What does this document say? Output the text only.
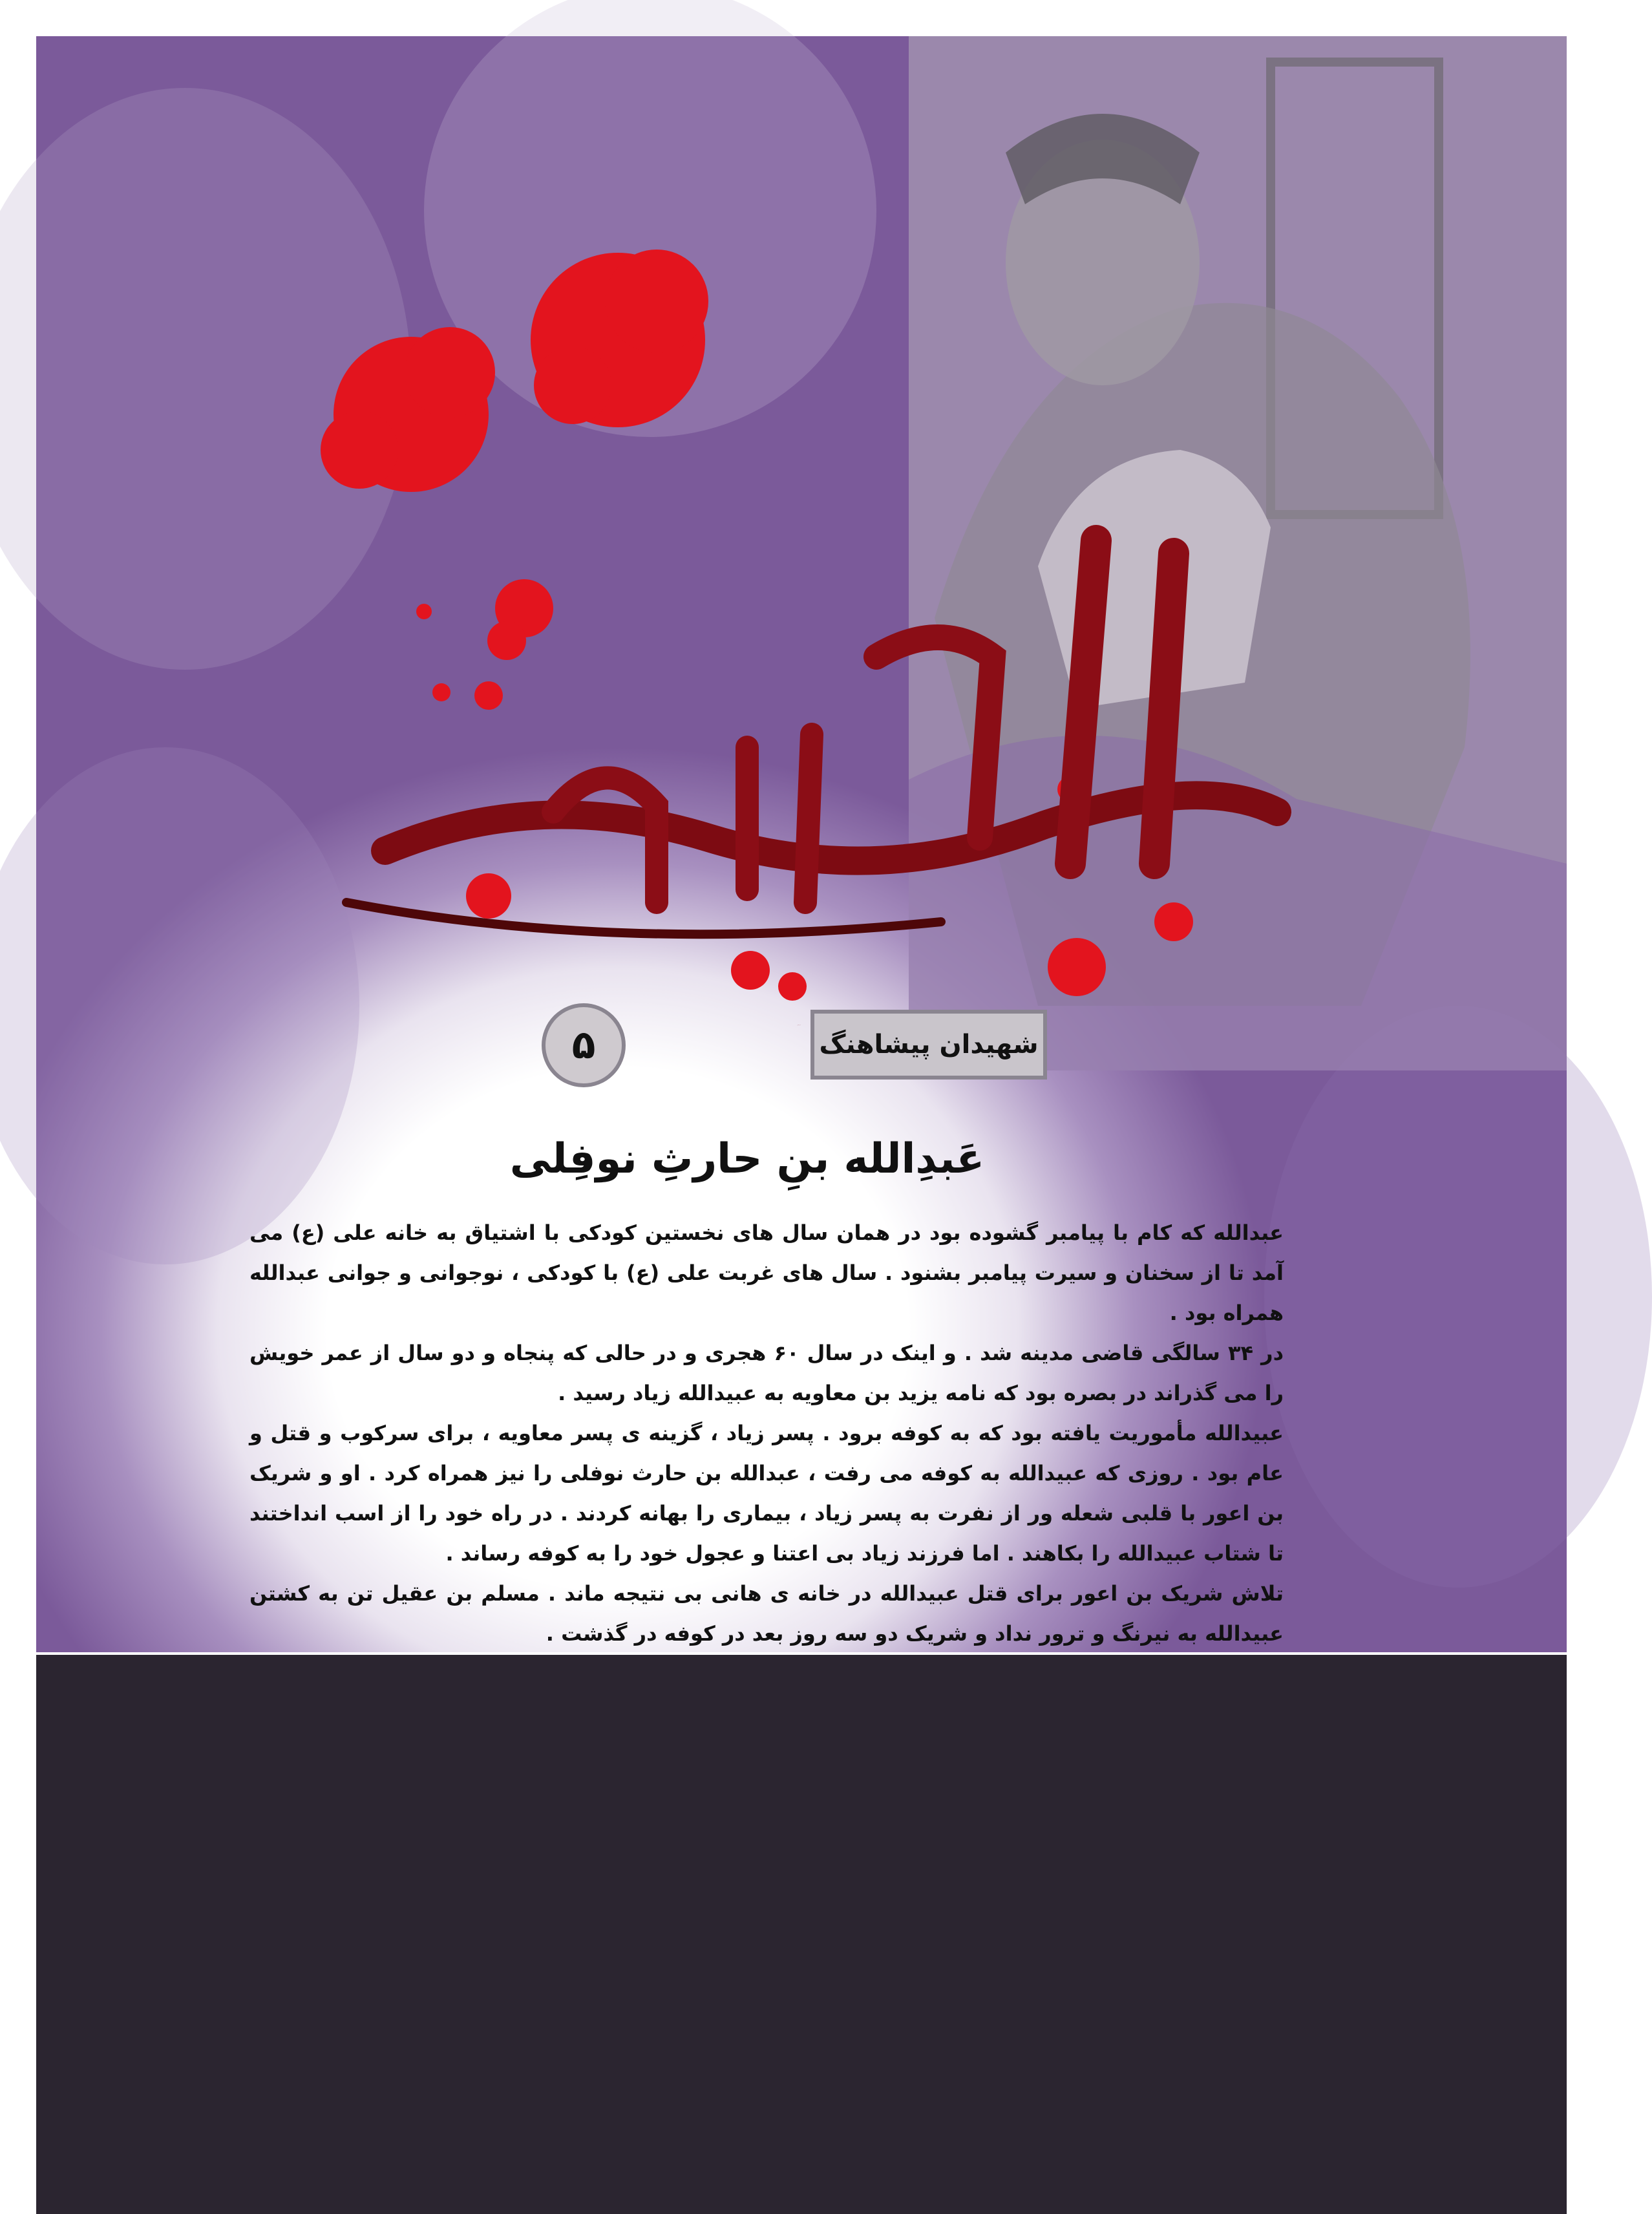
یاران حسین
شهیدان پیشاهنگ
۵
عَبدِالله بنِ حارثِ نوفِلی

عبدالله که کام با پیامبر گشوده بود در همان سال های نخستین کودکی با اشتیاق به خانه علی (ع) می آمد تا از سخنان و سیرت پیامبر بشنود . سال های غربت علی (ع) با کودکی ، نوجوانی و جوانی عبدالله همراه بود .

در ۳۴ سالگی قاضی مدینه شد . و اینک در سال ۶۰ هجری و در حالی که پنجاه و دو سال از عمر خویش را می گذراند در بصره بود که نامه یزید بن معاویه به عبیدالله زیاد رسید .

عبیدالله مأموریت یافته بود که به کوفه برود . پسر زیاد ، گزینه ی پسر معاویه ، برای سرکوب و قتل و عام بود . روزی که عبیدالله به کوفه می رفت ، عبدالله بن حارث نوفلی را نیز همراه کرد . او و شریک بن اعور با قلبی شعله ور از نفرت به پسر زیاد ، بیماری را بهانه کردند . در راه خود را از اسب انداختند تا شتاب عبیدالله را بکاهند . اما فرزند زیاد بی اعتنا و عجول خود را به کوفه رساند .

تلاش شریک بن اعور برای قتل عبیدالله در خانه ی هانی بی نتیجه ماند . مسلم بن عقیل تن به کشتن عبیدالله به نیرنگ و ترور نداد و شریک دو سه روز بعد در کوفه در گذشت .
